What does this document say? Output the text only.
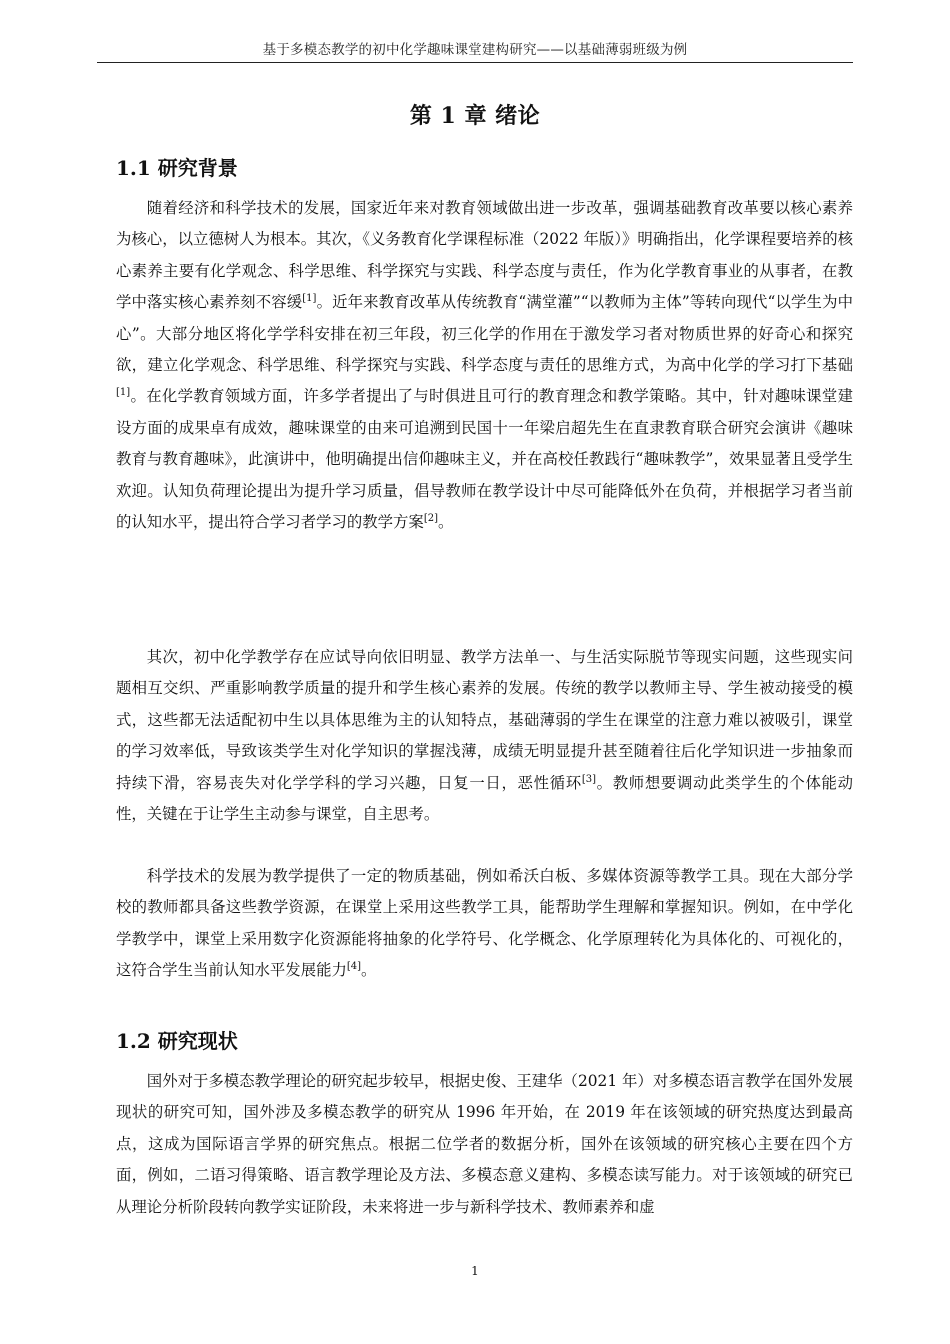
基于多模态教学的初中化学趣味课堂建构研究——以基础薄弱班级为例
第 1 章 绪论
1.1 研究背景

随着经济和科学技术的发展，国家近年来对教育领域做出进一步改革，强调基础教育改革要以核心素养为核心，以立德树人为根本。其次，《义务教育化学课程标准（2022 年版）》明确指出，化学课程要培养的核心素养主要有化学观念、科学思维、科学探究与实践、科学态度与责任，作为化学教育事业的从事者，在教学中落实核心素养刻不容缓[1]。近年来教育改革从传统教育“满堂灌”“以教师为主体”等转向现代“以学生为中心”。大部分地区将化学学科安排在初三年段，初三化学的作用在于激发学习者对物质世界的好奇心和探究欲，建立化学观念、科学思维、科学探究与实践、科学态度与责任的思维方式，为高中化学的学习打下基础[1]。在化学教育领域方面，许多学者提出了与时俱进且可行的教育理念和教学策略。其中，针对趣味课堂建设方面的成果卓有成效，趣味课堂的由来可追溯到民国十一年梁启超先生在直隶教育联合研究会演讲《趣味教育与教育趣味》，此演讲中，他明确提出信仰趣味主义，并在高校任教践行“趣味教学”，效果显著且受学生欢迎。认知负荷理论提出为提升学习质量，倡导教师在教学设计中尽可能降低外在负荷，并根据学习者当前的认知水平，提出符合学习者学习的教学方案[2]。

其次，初中化学教学存在应试导向依旧明显、教学方法单一、与生活实际脱节等现实问题，这些现实问题相互交织、严重影响教学质量的提升和学生核心素养的发展。传统的教学以教师主导、学生被动接受的模式，这些都无法适配初中生以具体思维为主的认知特点，基础薄弱的学生在课堂的注意力难以被吸引，课堂的学习效率低，导致该类学生对化学知识的掌握浅薄，成绩无明显提升甚至随着往后化学知识进一步抽象而持续下滑，容易丧失对化学学科的学习兴趣，日复一日，恶性循环[3]。教师想要调动此类学生的个体能动性，关键在于让学生主动参与课堂，自主思考。

科学技术的发展为教学提供了一定的物质基础，例如希沃白板、多媒体资源等教学工具。现在大部分学校的教师都具备这些教学资源，在课堂上采用这些教学工具，能帮助学生理解和掌握知识。例如，在中学化学教学中，课堂上采用数字化资源能将抽象的化学符号、化学概念、化学原理转化为具体化的、可视化的，这符合学生当前认知水平发展能力[4]。

1.2 研究现状

国外对于多模态教学理论的研究起步较早，根据史俊、王建华（2021 年）对多模态语言教学在国外发展现状的研究可知，国外涉及多模态教学的研究从 1996 年开始，在 2019 年在该领域的研究热度达到最高点，这成为国际语言学界的研究焦点。根据二位学者的数据分析，国外在该领域的研究核心主要在四个方面，例如，二语习得策略、语言教学理论及方法、多模态意义建构、多模态读写能力。对于该领域的研究已从理论分析阶段转向教学实证阶段，未来将进一步与新科学技术、教师素养和虚

1
